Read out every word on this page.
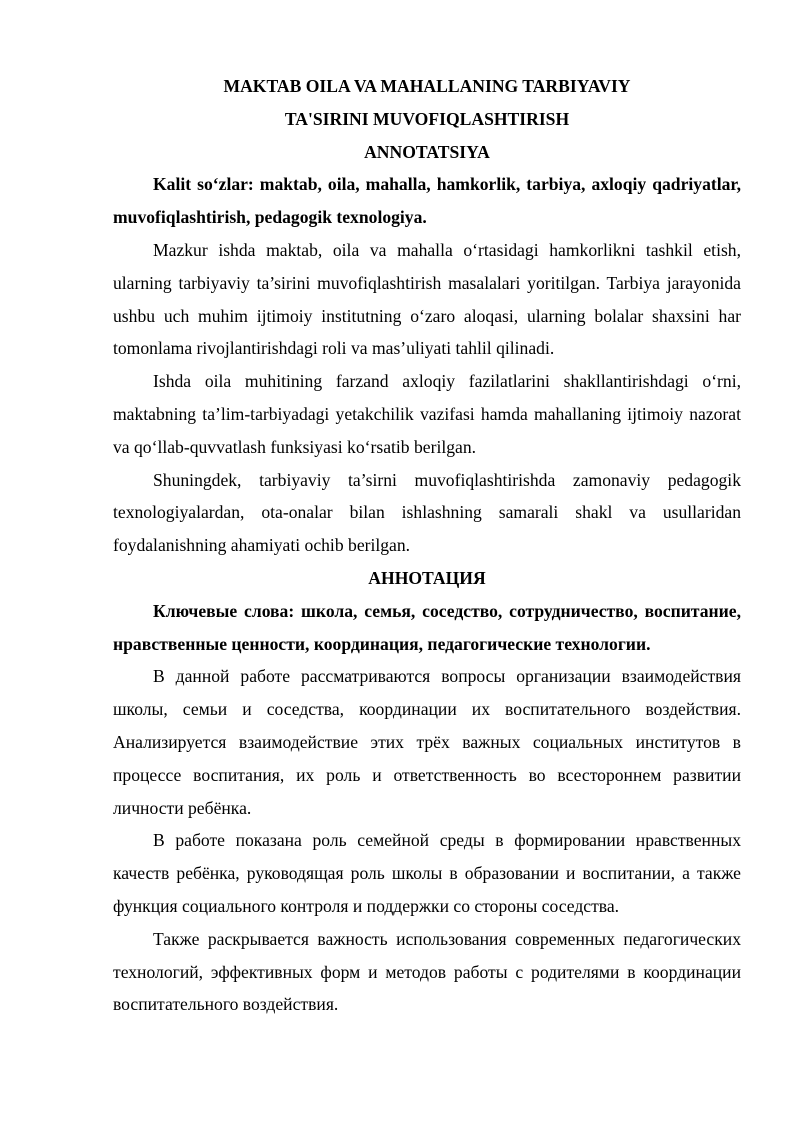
MAKTAB OILA VA MAHALLANING TARBIYAVIY

TA'SIRINI MUVOFIQLASHTIRISH

ANNOTATSIYA

Kalit so‘zlar: maktab, oila, mahalla, hamkorlik, tarbiya, axloqiy qadriyatlar, muvofiqlashtirish, pedagogik texnologiya.

Mazkur ishda maktab, oila va mahalla o‘rtasidagi hamkorlikni tashkil etish, ularning tarbiyaviy ta’sirini muvofiqlashtirish masalalari yoritilgan. Tarbiya jarayonida ushbu uch muhim ijtimoiy institutning o‘zaro aloqasi, ularning bolalar shaxsini har tomonlama rivojlantirishdagi roli va mas’uliyati tahlil qilinadi.

Ishda oila muhitining farzand axloqiy fazilatlarini shakllantirishdagi o‘rni, maktabning ta’lim-tarbiyadagi yetakchilik vazifasi hamda mahallaning ijtimoiy nazorat va qo‘llab-quvvatlash funksiyasi ko‘rsatib berilgan.

Shuningdek, tarbiyaviy ta’sirni muvofiqlashtirishda zamonaviy pedagogik texnologiyalardan, ota-onalar bilan ishlashning samarali shakl va usullaridan foydalanishning ahamiyati ochib berilgan.

АННОТАЦИЯ

Ключевые слова: школа, семья, соседство, сотрудничество, воспитание, нравственные ценности, координация, педагогические технологии.

В данной работе рассматриваются вопросы организации взаимодействия школы, семьи и соседства, координации их воспитательного воздействия. Анализируется взаимодействие этих трёх важных социальных институтов в процессе воспитания, их роль и ответственность во всестороннем развитии личности ребёнка.

В работе показана роль семейной среды в формировании нравственных качеств ребёнка, руководящая роль школы в образовании и воспитании, а также функция социального контроля и поддержки со стороны соседства.

Также раскрывается важность использования современных педагогических технологий, эффективных форм и методов работы с родителями в координации воспитательного воздействия.
